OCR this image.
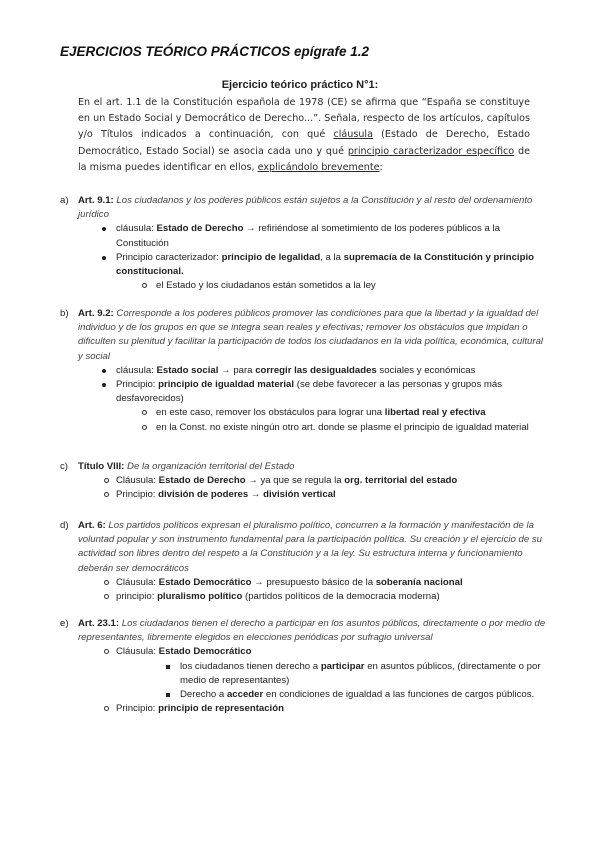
EJERCICIOS TEÓRICO PRÁCTICOS epígrafe 1.2
Ejercicio teórico práctico N°1:
En el art. 1.1 de la Constitución española de 1978 (CE) se afirma que “España se constituye en un Estado Social y Democrático de Derecho...”. Señala, respecto de los artículos, capítulos y/o Títulos indicados a continuación, con qué cláusula (Estado de Derecho, Estado Democrático, Estado Social) se asocia cada uno y qué principio caracterizador específico de la misma puedes identificar en ellos, explicándolo brevemente:
a) Art. 9.1: Los ciudadanos y los poderes públicos están sujetos a la Constitución y al resto del ordenamiento jurídico
cláusula: Estado de Derecho → refiriéndose al sometimiento de los poderes públicos a la Constitución
Principio caracterizador: principio de legalidad, a la supremacía de la Constitución y principio constitucional.
el Estado y los ciudadanos están sometidos a la ley
b) Art. 9.2: Corresponde a los poderes públicos promover las condiciones para que la libertad y la igualdad del individuo y de los grupos en que se integra sean reales y efectivas; remover los obstáculos que impidan o dificulten su plenitud y facilitar la participación de todos los ciudadanos en la vida política, económica, cultural y social
cláusula: Estado social → para corregir las desigualdades sociales y económicas
Principio: principio de igualdad material (se debe favorecer a las personas y grupos más desfavorecidos)
en este caso, remover los obstáculos para lograr una libertad real y efectiva
en la Const. no existe ningún otro art. donde se plasme el principio de igualdad material
c) Título VIII: De la organización territorial del Estado
Cláusula: Estado de Derecho → ya que se regula la org. territorial del estado
Principio: división de poderes → división vertical
d) Art. 6: Los partidos políticos expresan el pluralismo político, concurren a la formación y manifestación de la voluntad popular y son instrumento fundamental para la participación política. Su creación y el ejercicio de su actividad son libres dentro del respeto a la Constitución y a la ley. Su estructura interna y funcionamiento deberán ser democráticos
Cláusula: Estado Democrático → presupuesto básico de la soberanía nacional
principio: pluralismo político (partidos políticos de la democracia moderna)
e) Art. 23.1: Los ciudadanos tienen el derecho a participar en los asuntos públicos, directamente o por medio de representantes, libremente elegidos en elecciones periódicas por sufragio universal
Cláusula: Estado Democrático
los ciudadanos tienen derecho a participar en asuntos públicos, (directamente o por medio de representantes)
Derecho a acceder en condiciones de igualdad a las funciones de cargos públicos.
Principio: principio de representación
